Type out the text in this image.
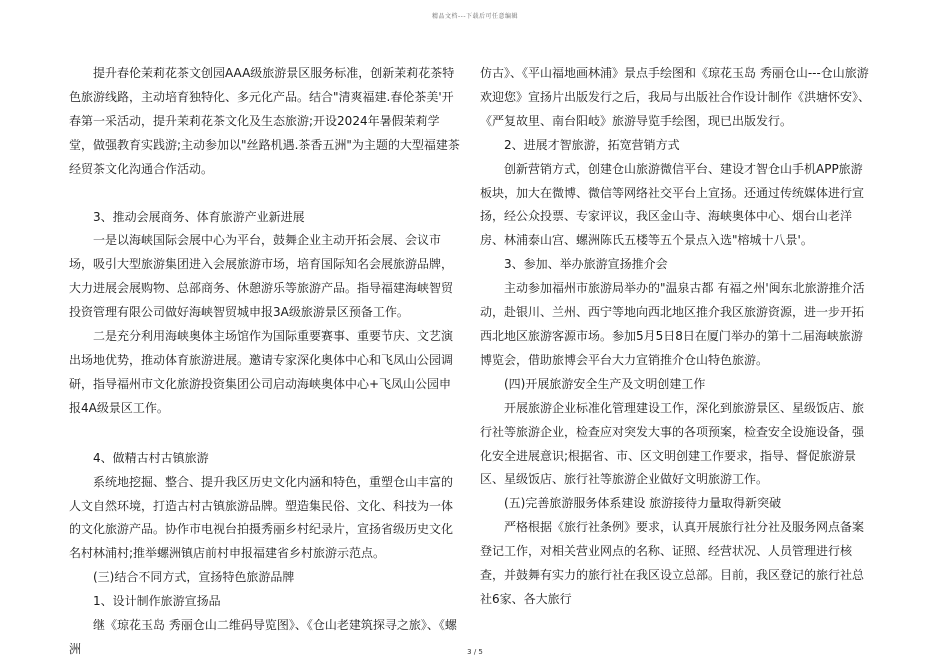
精品文档---下载后可任意编辑

提升春伦茉莉花茶文创园AAA级旅游景区服务标准，创新茉莉花茶特色旅游线路，主动培育独特化、多元化产品。结合"清爽福建.春伦茶美'开春第一采活动，提升茉莉花茶文化及生态旅游;开设2024年暑假茉莉学堂，做强教育实践游;主动参加以"丝路机遇.茶香五洲"为主题的大型福建茶经贸茶文化沟通合作活动。

3、推动会展商务、体育旅游产业新进展

一是以海峡国际会展中心为平台，鼓舞企业主动开拓会展、会议市场，吸引大型旅游集团进入会展旅游市场，培育国际知名会展旅游品牌，大力进展会展购物、总部商务、休憩游乐等旅游产品。指导福建海峡智贸投资管理有限公司做好海峡智贸城申报3A级旅游景区预备工作。

二是充分利用海峡奥体主场馆作为国际重要赛事、重要节庆、文艺演出场地优势，推动体育旅游进展。邀请专家深化奥体中心和飞凤山公园调研，指导福州市文化旅游投资集团公司启动海峡奥体中心+飞凤山公园申报4A级景区工作。

4、做精古村古镇旅游

系统地挖掘、整合、提升我区历史文化内涵和特色，重塑仓山丰富的人文自然环境，打造古村古镇旅游品牌。塑造集民俗、文化、科技为一体的文化旅游产品。协作市电视台拍摄秀丽乡村纪录片，宣扬省级历史文化名村林浦村;推举螺洲镇店前村申报福建省乡村旅游示范点。

(三)结合不同方式，宣扬特色旅游品牌

1、设计制作旅游宣扬品

继《琼花玉岛 秀丽仓山二维码导览图》、《仓山老建筑探寻之旅》、《螺洲

仿古》、《平山福地画林浦》景点手绘图和《琼花玉岛 秀丽仓山---仓山旅游欢迎您》宣扬片出版发行之后，我局与出版社合作设计制作《洪塘怀安》、《严复故里、南台阳岐》旅游导览手绘图，现已出版发行。

2、进展才智旅游，拓宽营销方式

创新营销方式，创建仓山旅游微信平台、建设才智仓山手机APP旅游板块，加大在微博、微信等网络社交平台上宣扬。还通过传统媒体进行宣扬，经公众投票、专家评议，我区金山寺、海峡奥体中心、烟台山老洋房、林浦泰山宫、螺洲陈氏五楼等五个景点入选"榕城十八景'。

3、参加、举办旅游宣扬推介会

主动参加福州市旅游局举办的"温泉古都 有福之州'闽东北旅游推介活动，赴银川、兰州、西宁等地向西北地区推介我区旅游资源，进一步开拓西北地区旅游客源市场。参加5月5日8日在厦门举办的第十二届海峡旅游博览会，借助旅博会平台大力宣销推介仓山特色旅游。

(四)开展旅游安全生产及文明创建工作

开展旅游企业标准化管理建设工作，深化到旅游景区、星级饭店、旅行社等旅游企业，检查应对突发大事的各项预案，检查安全设施设备，强化安全进展意识;根据省、市、区文明创建工作要求，指导、督促旅游景区、星级饭店、旅行社等旅游企业做好文明旅游工作。

(五)完善旅游服务体系建设 旅游接待力量取得新突破

严格根据《旅行社条例》要求，认真开展旅行社分社及服务网点备案登记工作，对相关营业网点的名称、证照、经营状况、人员管理进行核查，并鼓舞有实力的旅行社在我区设立总部。目前，我区登记的旅行社总社6家、各大旅行

3 / 5
